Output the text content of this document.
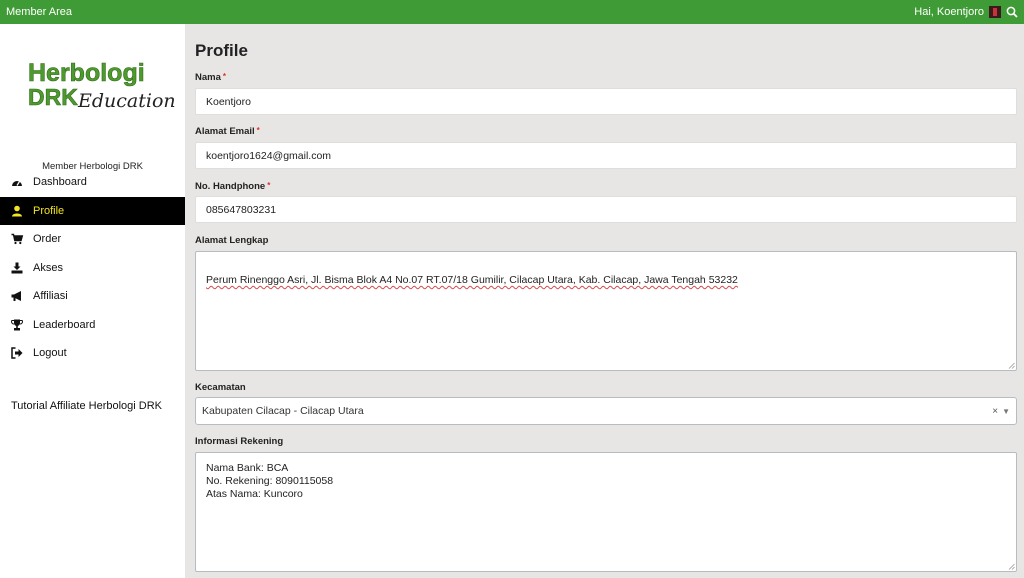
Member Area	Hai, Koentjoro
Herbologi
DRK Education
Member Herbologi DRK
Dashboard
Profile
Order
Akses
Affiliasi
Leaderboard
Logout
Tutorial Affiliate Herbologi DRK
Profile
Nama *
Koentjoro
Alamat Email *
koentjoro1624@gmail.com
No. Handphone *
085647803231
Alamat Lengkap

Perum Rinenggo Asri, Jl. Bisma Blok A4 No.07 RT.07/18 Gumilir, Cilacap Utara, Kab. Cilacap, Jawa Tengah 53232

Kecamatan
Kabupaten Cilacap - Cilacap Utara	× ▼
Informasi Rekening
Nama Bank: BCA
No. Rekening: 8090115058
Atas Nama: Kuncoro
